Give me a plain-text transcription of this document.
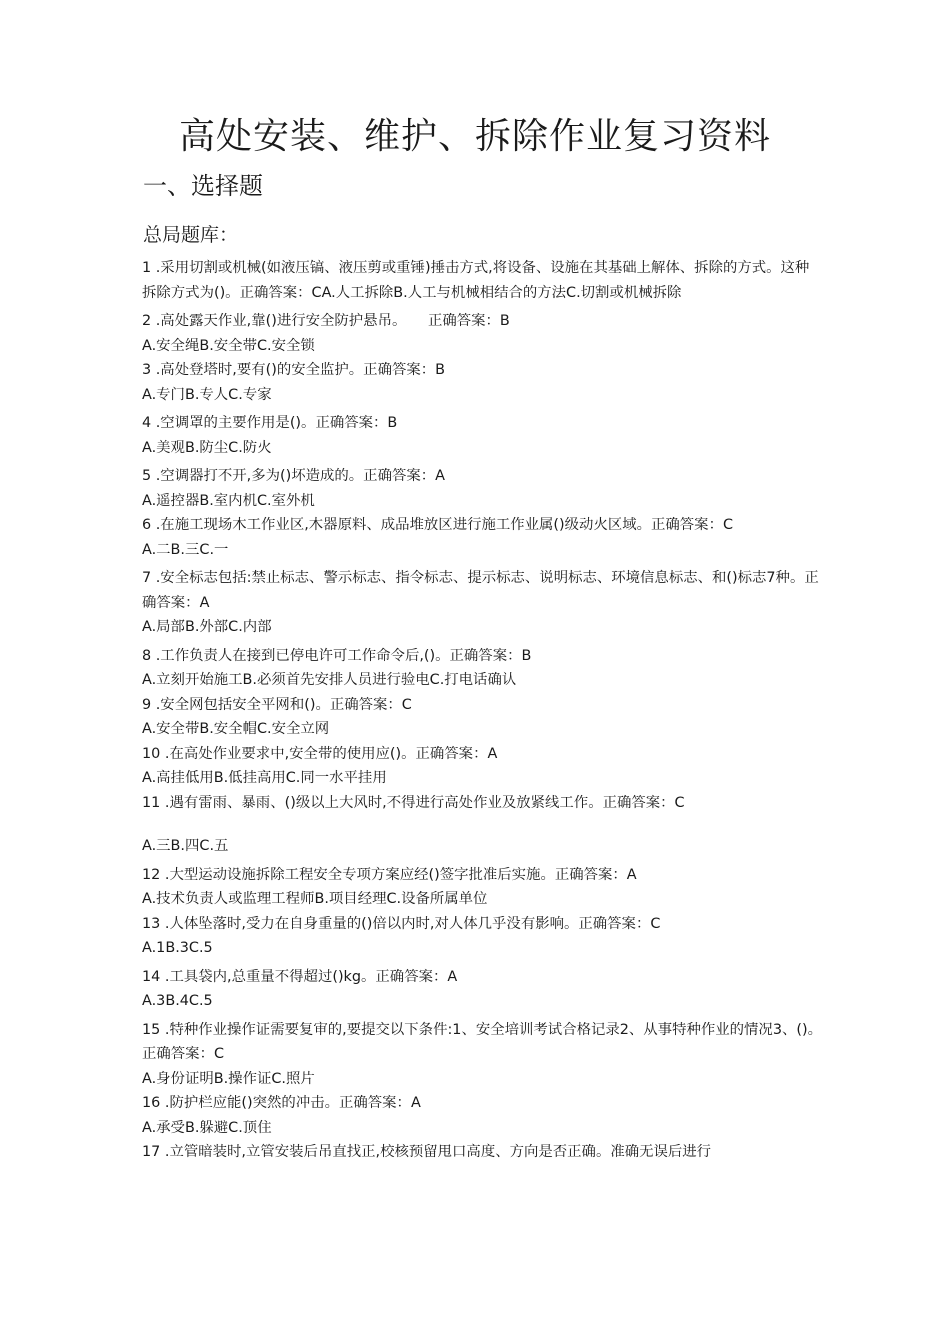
高处安装、维护、拆除作业复习资料
一、选择题
总局题库：
1 .采用切割或机械(如液压镐、液压剪或重锤)捶击方式,将设备、设施在其基础上解体、拆除的方式。这种拆除方式为()。正确答案：CA.人工拆除B.人工与机械相结合的方法C.切割或机械拆除
2 .高处露天作业,靠()进行安全防护悬吊。　　正确答案：B
A.安全绳B.安全带C.安全锁
3 .高处登塔时,要有()的安全监护。正确答案：B
A.专门B.专人C.专家
4 .空调罩的主要作用是()。正确答案：B
A.美观B.防尘C.防火
5 .空调器打不开,多为()坏造成的。正确答案：A
A.遥控器B.室内机C.室外机
6 .在施工现场木工作业区,木器原料、成品堆放区进行施工作业属()级动火区域。正确答案：C
A.二B.三C.一
7 .安全标志包括:禁止标志、警示标志、指令标志、提示标志、说明标志、环境信息标志、和()标志7种。正确答案：A
A.局部B.外部C.内部
8 .工作负责人在接到已停电许可工作命令后,()。正确答案：B
A.立刻开始施工B.必须首先安排人员进行验电C.打电话确认
9 .安全网包括安全平网和()。正确答案：C
A.安全带B.安全帽C.安全立网
10 .在高处作业要求中,安全带的使用应()。正确答案：A
A.高挂低用B.低挂高用C.同一水平挂用
11 .遇有雷雨、暴雨、()级以上大风时,不得进行高处作业及放紧线工作。正确答案：C
A.三B.四C.五
12 .大型运动设施拆除工程安全专项方案应经()签字批准后实施。正确答案：A
A.技术负责人或监理工程师B.项目经理C.设备所属单位
13 .人体坠落时,受力在自身重量的()倍以内时,对人体几乎没有影响。正确答案：C
A.1B.3C.5
14 .工具袋内,总重量不得超过()kg。正确答案：A
A.3B.4C.5
15 .特种作业操作证需要复审的,要提交以下条件:1、安全培训考试合格记录2、从事特种作业的情况3、()。正确答案：C
A.身份证明B.操作证C.照片
16 .防护栏应能()突然的冲击。正确答案：A
A.承受B.躲避C.顶住
17 .立管暗装时,立管安装后吊直找正,校核预留甩口高度、方向是否正确。准确无误后进行
